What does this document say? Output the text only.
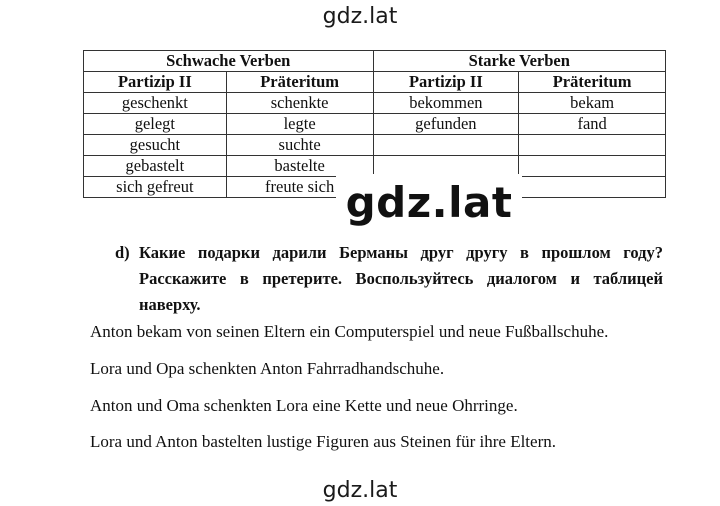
gdz.lat
Schwache Verben		Starke Verben	
Partizip II	Präteritum	Partizip II	Präteritum
geschenkt	schenkte	bekommen	bekam
gelegt	legte	gefunden	fand
gesucht	suchte		
gebastelt	bastelte		
sich gefreut	freute sich		gdz.lat
d) Какие подарки дарили Берманы друг другу в прошлом году? Расскажите в претерите. Воспользуйтесь диалогом и таблицей наверху.
Anton bekam von seinen Eltern ein Computerspiel und neue Fußballschuhe.
Lora und Opa schenkten Anton Fahrradhandschuhe.
Anton und Oma schenkten Lora eine Kette und neue Ohrringe.
Lora und Anton bastelten lustige Figuren aus Steinen für ihre Eltern.
gdz.lat
